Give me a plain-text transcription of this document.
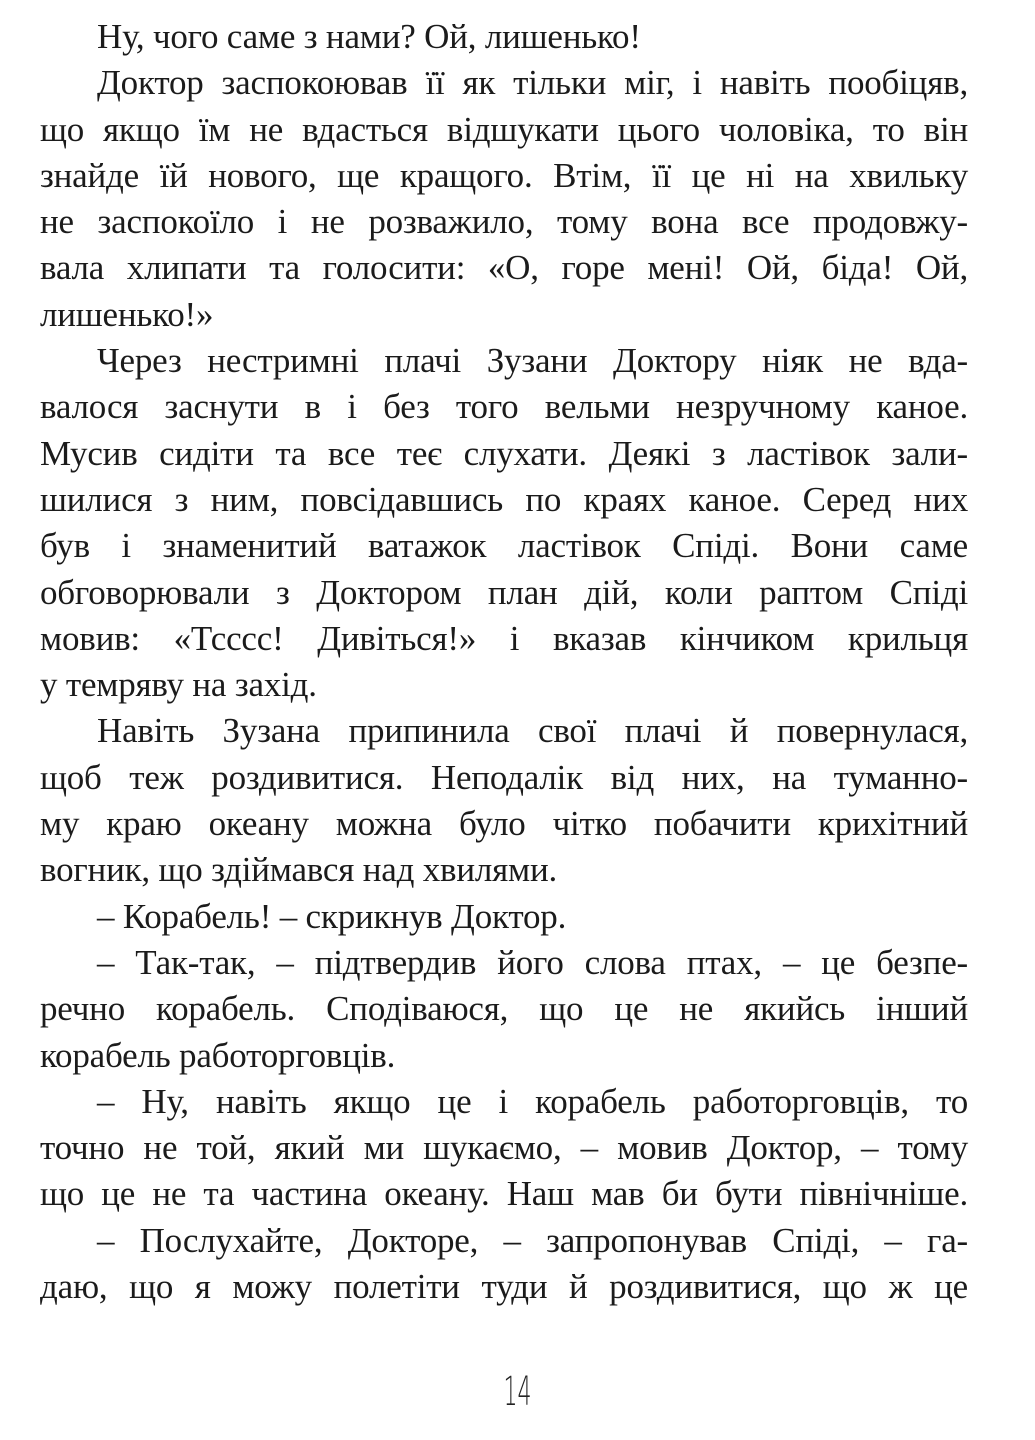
Ну, чого саме з нами? Ой, лишенько!
Доктор заспокоював її як тільки міг, і навіть пообіцяв,
що якщо їм не вдасться відшукати цього чоловіка, то він
знайде їй нового, ще кращого. Втім, її це ні на хвильку
не заспокоїло і не розважило, тому вона все продовжу-
вала хлипати та голосити: «О, горе мені! Ой, біда! Ой,
лишенько!»
Через нестримні плачі Зузани Доктору ніяк не вда-
валося заснути в і без того вельми незручному каное.
Мусив сидіти та все теє слухати. Деякі з ластівок зали-
шилися з ним, повсідавшись по краях каное. Серед них
був і знаменитий ватажок ластівок Спіді. Вони саме
обговорювали з Доктором план дій, коли раптом Спіді
мовив: «Тсссс! Дивіться!» і вказав кінчиком крильця
у темряву на захід.
Навіть Зузана припинила свої плачі й повернулася,
щоб теж роздивитися. Неподалік від них, на туманно-
му краю океану можна було чітко побачити крихітний
вогник, що здіймався над хвилями.
– Корабель! – скрикнув Доктор.
– Так-так, – підтвердив його слова птах, – це безпе-
речно корабель. Сподіваюся, що це не якийсь інший
корабель работорговців.
– Ну, навіть якщо це і корабель работорговців, то
точно не той, який ми шукаємо, – мовив Доктор, – тому
що це не та частина океану. Наш мав би бути північніше.
– Послухайте, Докторе, – запропонував Спіді, – га-
даю, що я можу полетіти туди й роздивитися, що ж це
14
